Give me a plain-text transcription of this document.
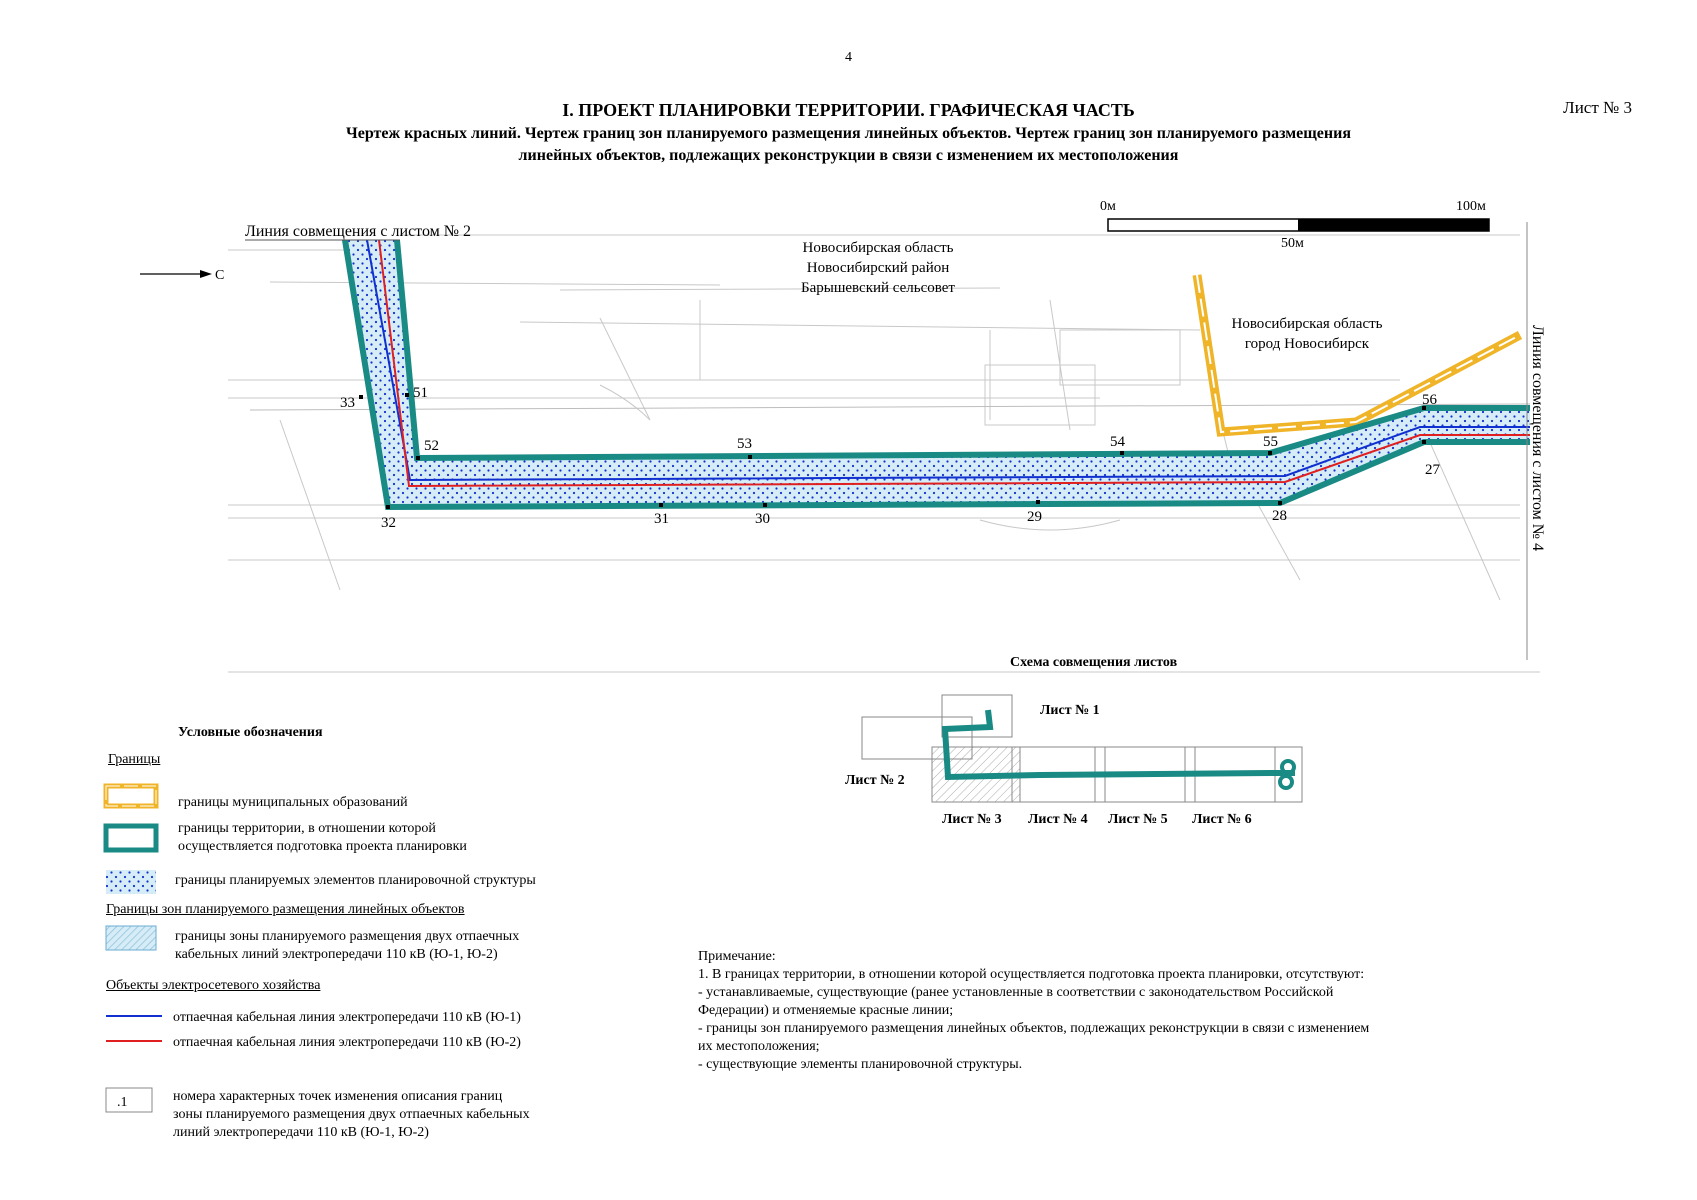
4
Лист № 3
I. ПРОЕКТ ПЛАНИРОВКИ ТЕРРИТОРИИ. ГРАФИЧЕСКАЯ ЧАСТЬ
Чертеж красных линий. Чертеж границ зон планируемого размещения линейных объектов. Чертеж границ зон планируемого размещения
линейных объектов, подлежащих реконструкции в связи с изменением их местоположения
33
51
52
32	31
53
30	29
54	55
28
56
27
Линия совмещения с листом № 2
Линия совмещения с листом № 4
С
Новосибирская область
Новосибирский район
Барышевский сельсовет
Новосибирская область
город Новосибирск
0м
50м
100м
Схема совмещения листов
Лист № 1
Лист № 2
Лист № 3 Лист № 4 Лист № 5 Лист № 6
Условные обозначения
Границы
.1
границы муниципальных образований
границы территории, в отношении которой
осуществляется подготовка проекта планировки
границы планируемых элементов планировочной структуры
Границы зон планируемого размещения линейных объектов
границы зоны планируемого размещения двух отпаечных
кабельных линий электропередачи 110 кВ (Ю-1, Ю-2)
Объекты электросетевого хозяйства
отпаечная кабельная линия электропередачи 110 кВ (Ю-1)
отпаечная кабельная линия электропередачи 110 кВ (Ю-2)
номера характерных точек изменения описания границ
зоны планируемого размещения двух отпаечных кабельных
линий электропередачи 110 кВ (Ю-1, Ю-2)
Примечание:
1. В границах территории, в отношении которой осуществляется подготовка проекта планировки, отсутствуют:
- устанавливаемые, существующие (ранее установленные в соответствии с законодательством Российской
Федерации) и отменяемые красные линии;
- границы зон планируемого размещения линейных объектов, подлежащих реконструкции в связи с изменением
их местоположения;
- существующие элементы планировочной структуры.
